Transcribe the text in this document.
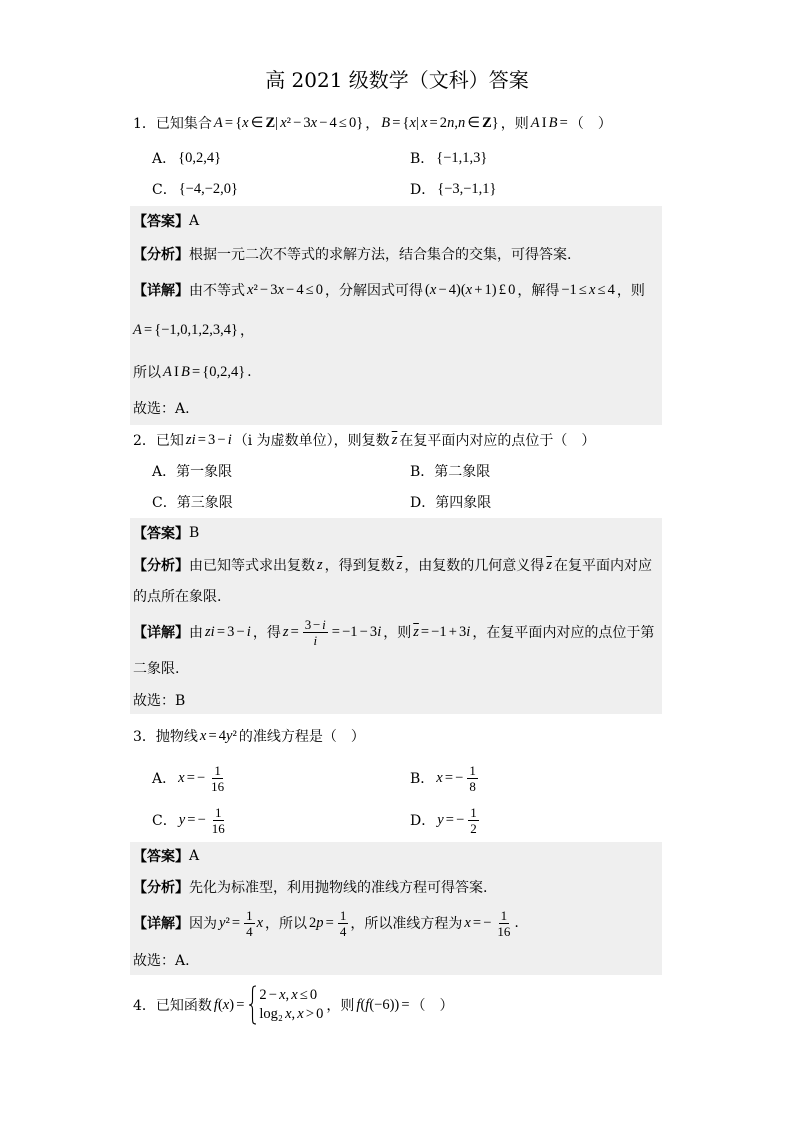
高 2021 级数学（文科）答案
1． 已知集合 A = {x ∈ Z| x² − 3x − 4 ≤ 0} ， B = {x| x = 2n,n ∈ Z} ，则 A I B = （　）
A． {0,2,4}	B． {−1,1,3}
C． {−4,−2,0}	D． {−3,−1,1}
【答案】 A
【分析】 根据一元二次不等式的求解方法，结合集合的交集，可得答案.
【详解】 由不等式 x² − 3x − 4 ≤ 0 ，分解因式可得 (x − 4)(x + 1) £ 0 ，解得 −1 ≤ x ≤ 4 ，则
A = {−1,0,1,2,3,4} ，
所以 A I B = {0,2,4} .
故选：A.
2． 已知 zi = 3 − i （i 为虚数单位），则复数 $\overline{z}$ 在复平面内对应的点位于（　）
A． 第一象限	B． 第二象限
C． 第三象限	D． 第四象限
【答案】 B
【分析】 由已知等式求出复数 z ，得到复数 $\overline{z}$ ，由复数的几何意义得 $\overline{z}$ 在复平面内对应
的点所在象限.
【详解】 由 zi = 3 − i ，得 $z = \frac{3 - i}{i} = -1 - 3i$ ，则 $\overline{z} = -1 + 3i$ ，在复平面内对应的点位于第
二象限.
故选：B
3． 抛物线 x = 4y² 的准线方程是（　）
A． x = − $\frac{1}{16}$	B． x = − $\frac{1}{8}$
C． y = − $\frac{1}{16}$	D． y = − $\frac{1}{2}$
【答案】 A
【分析】 先化为标准型，利用抛物线的准线方程可得答案.
【详解】 因为 $y^2 = \frac{1}{4}$ x ，所以 $2p = \frac{1}{4}$ ，所以准线方程为 x = − $\frac{1}{16}$ .
故选：A.
4． 已知函数 f(x) =
2 − x, x ≤ 0
log₂ x, x > 0 ，则 f(f(−6)) = （　）
